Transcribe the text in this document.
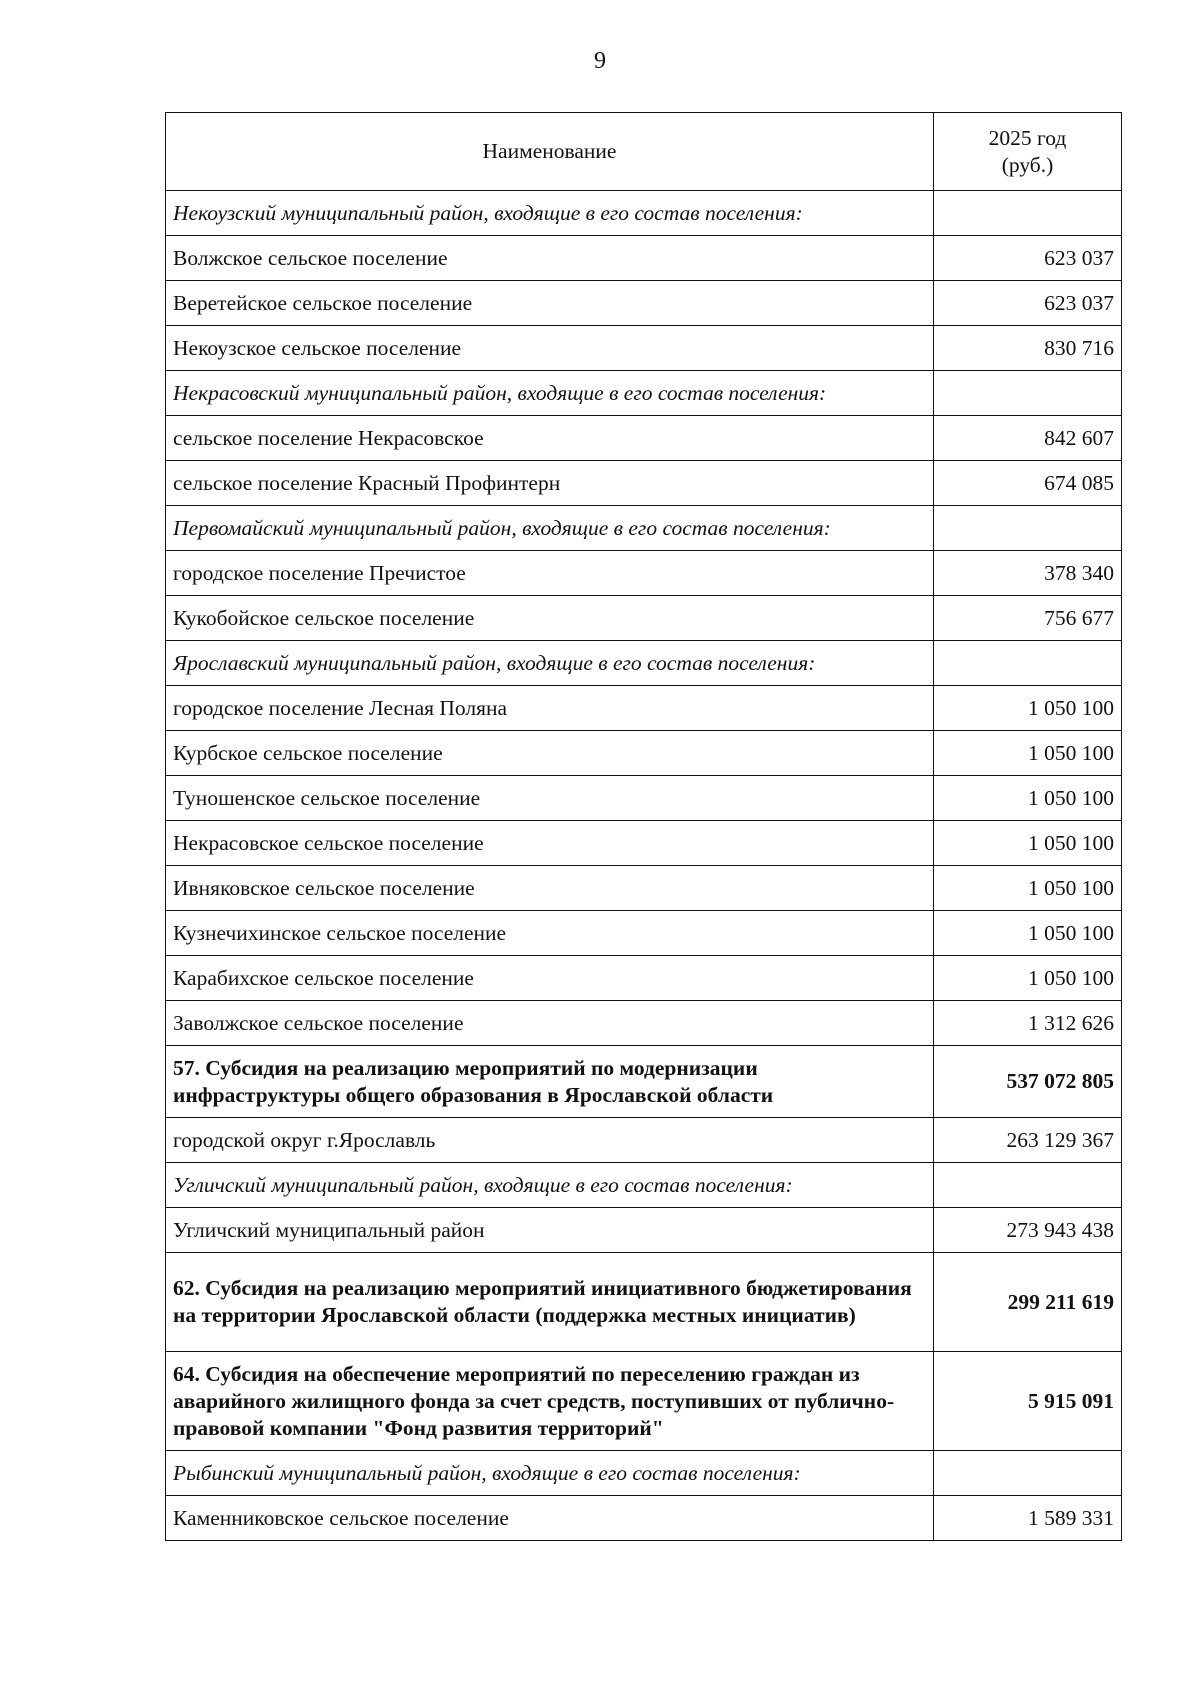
9
Наименование	2025 год
(руб.)

Некоузский муниципальный район, входящие в его состав поселения:	
Волжское сельское поселение	623 037
Веретейское сельское поселение	623 037
Некоузское сельское поселение	830 716
Некрасовский муниципальный район, входящие в его состав поселения:	
сельское поселение Некрасовское	842 607
сельское поселение Красный Профинтерн	674 085
Первомайский муниципальный район, входящие в его состав поселения:	
городское поселение Пречистое	378 340
Кукобойское сельское поселение	756 677
Ярославский муниципальный район, входящие в его состав поселения:	
городское поселение Лесная Поляна	1 050 100
Курбское сельское поселение	1 050 100
Туношенское сельское поселение	1 050 100
Некрасовское сельское поселение	1 050 100
Ивняковское сельское поселение	1 050 100
Кузнечихинское сельское поселение	1 050 100
Карабихское сельское поселение	1 050 100
Заволжское сельское поселение	1 312 626
57. Субсидия на реализацию мероприятий по модернизации инфраструктуры общего образования в Ярославской области	537 072 805
городской округ г.Ярославль	263 129 367
Угличский муниципальный район, входящие в его состав поселения:	
Угличский муниципальный район	273 943 438
62. Субсидия на реализацию мероприятий инициативного бюджетирования на территории Ярославской области (поддержка местных инициатив)	299 211 619
64. Субсидия на обеспечение мероприятий по переселению граждан из аварийного жилищного фонда за счет средств, поступивших от публично-правовой компании "Фонд развития территорий"	5 915 091
Рыбинский муниципальный район, входящие в его состав поселения:	
Каменниковское сельское поселение	1 589 331
